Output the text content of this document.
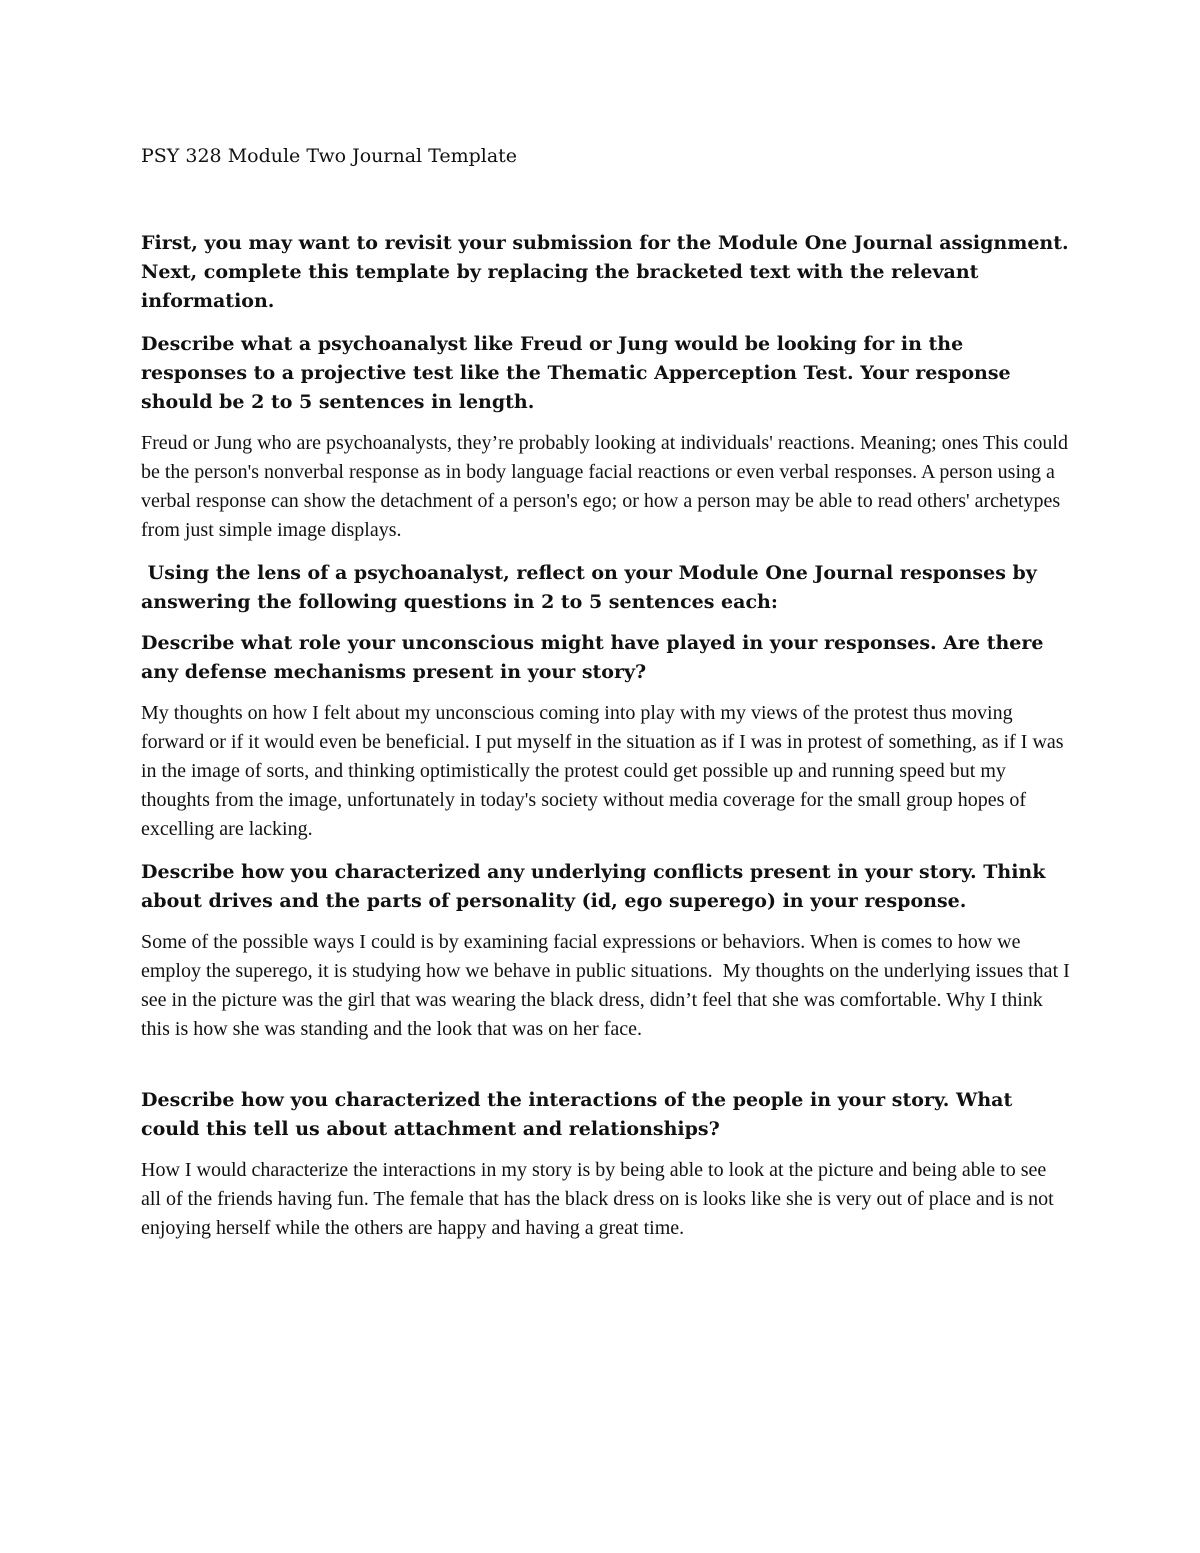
PSY 328 Module Two Journal Template

First, you may want to revisit your submission for the Module One Journal assignment.
Next, complete this template by replacing the bracketed text with the relevant information.

Describe what a psychoanalyst like Freud or Jung would be looking for in the responses to a projective test like the Thematic Apperception Test. Your response should be 2 to 5 sentences in length.

Freud or Jung who are psychoanalysts, they’re probably looking at individuals' reactions. Meaning; ones This could be the person's nonverbal response as in body language facial reactions or even verbal responses. A person using a verbal response can show the detachment of a person's ego; or how a person may be able to read others' archetypes from just simple image displays.

Using the lens of a psychoanalyst, reflect on your Module One Journal responses by answering the following questions in 2 to 5 sentences each:

Describe what role your unconscious might have played in your responses. Are there any defense mechanisms present in your story?

My thoughts on how I felt about my unconscious coming into play with my views of the protest thus moving forward or if it would even be beneficial. I put myself in the situation as if I was in protest of something, as if I was in the image of sorts, and thinking optimistically the protest could get possible up and running speed but my thoughts from the image, unfortunately in today's society without media coverage for the small group hopes of excelling are lacking.

Describe how you characterized any underlying conflicts present in your story. Think about drives and the parts of personality (id, ego superego) in your response.

Some of the possible ways I could is by examining facial expressions or behaviors. When is comes to how we employ the superego, it is studying how we behave in public situations.  My thoughts on the underlying issues that I see in the picture was the girl that was wearing the black dress, didn’t feel that she was comfortable. Why I think this is how she was standing and the look that was on her face.

Describe how you characterized the interactions of the people in your story. What could this tell us about attachment and relationships?

How I would characterize the interactions in my story is by being able to look at the picture and being able to see all of the friends having fun. The female that has the black dress on is looks like she is very out of place and is not enjoying herself while the others are happy and having a great time.
